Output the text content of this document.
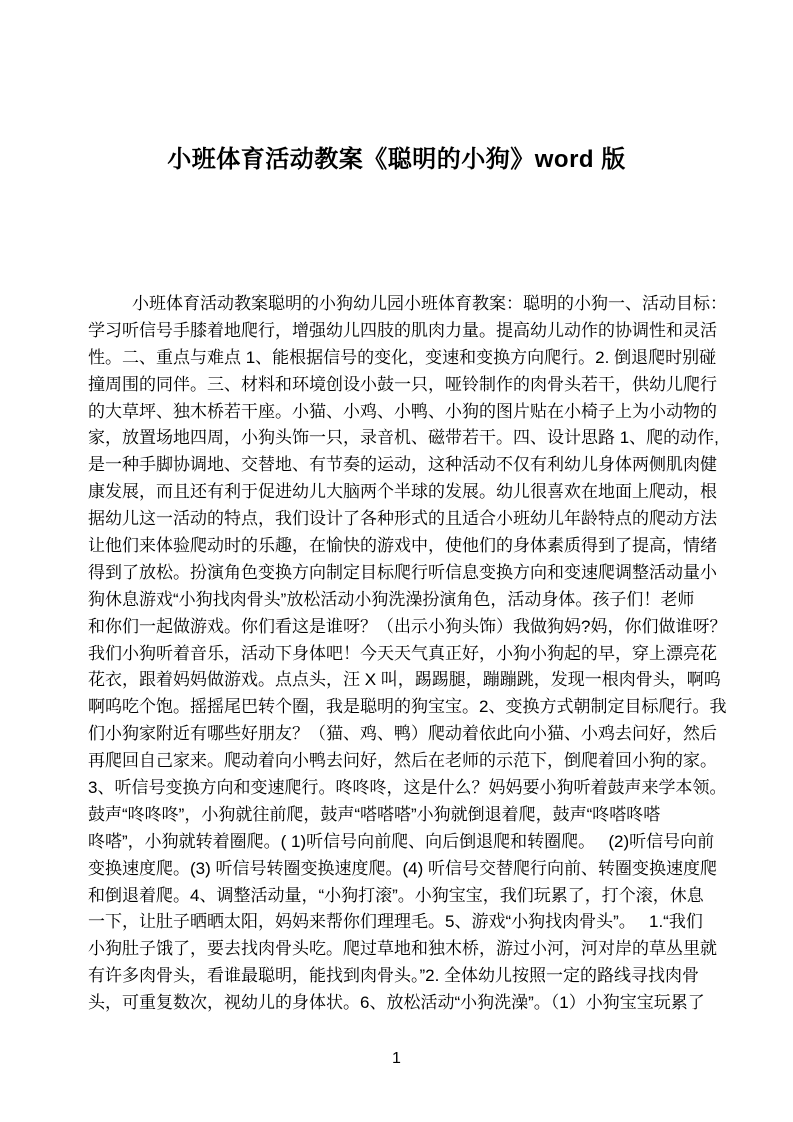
小班体育活动教案《聪明的小狗》word 版
小班体育活动教案聪明的小狗幼儿园小班体育教案：聪明的小狗一、活动目标：
学习听信号手膝着地爬行，增强幼儿四肢的肌肉力量。提高幼儿动作的协调性和灵活
性。二、重点与难点 1、能根据信号的变化，变速和变换方向爬行。2. 倒退爬时别碰
撞周围的同伴。三、材料和环境创设小鼓一只，哑铃制作的肉骨头若干，供幼儿爬行
的大草坪、独木桥若干座。小猫、小鸡、小鸭、小狗的图片贴在小椅子上为小动物的
家，放置场地四周，小狗头饰一只，录音机、磁带若干。四、设计思路 1、爬的动作,
是一种手脚协调地、交替地、有节奏的运动，这种活动不仅有利幼儿身体两侧肌肉健
康发展，而且还有利于促进幼儿大脑两个半球的发展。幼儿很喜欢在地面上爬动，根
据幼儿这一活动的特点，我们设计了各种形式的且适合小班幼儿年龄特点的爬动方法
让他们来体验爬动时的乐趣，在愉快的游戏中，使他们的身体素质得到了提高，情绪
得到了放松。扮演角色变换方向制定目标爬行听信息变换方向和变速爬调整活动量小
狗休息游戏“小狗找肉骨头”放松活动小狗洗澡扮演角色，活动身体。孩子们！老师
和你们一起做游戏。你们看这是谁呀？（出示小狗头饰）我做狗妈?妈，你们做谁呀？
我们小狗听着音乐，活动下身体吧！今天天气真正好，小狗小狗起的早，穿上漂亮花
花衣，跟着妈妈做游戏。点点头，汪 X 叫，踢踢腿，蹦蹦跳，发现一根肉骨头，啊呜
啊呜吃个饱。摇摇尾巴转个圈，我是聪明的狗宝宝。2、变换方式朝制定目标爬行。我
们小狗家附近有哪些好朋友？（猫、鸡、鸭）爬动着依此向小猫、小鸡去问好，然后
再爬回自己家来。爬动着向小鸭去问好，然后在老师的示范下，倒爬着回小狗的家。
3、听信号变换方向和变速爬行。咚咚咚，这是什么？妈妈要小狗听着鼓声来学本领。
鼓声“咚咚咚”，小狗就往前爬，鼓声“嗒嗒嗒”小狗就倒退着爬，鼓声“咚嗒咚嗒
咚嗒”，小狗就转着圈爬。( 1)听信号向前爬、向后倒退爬和转圈爬。　 (2)听信号向前
变换速度爬。(3) 听信号转圈变换速度爬。(4) 听信号交替爬行向前、转圈变换速度爬
和倒退着爬。4、调整活动量，“小狗打滚”。小狗宝宝，我们玩累了，打个滚，休息
一下，让肚子晒晒太阳，妈妈来帮你们理理毛。5、游戏“小狗找肉骨头”。　 1.“我们
小狗肚子饿了，要去找肉骨头吃。爬过草地和独木桥，游过小河，河对岸的草丛里就
有许多肉骨头，看谁最聪明，能找到肉骨头。”2. 全体幼儿按照一定的路线寻找肉骨
头，可重复数次，视幼儿的身体状。6、放松活动“小狗洗澡”。（1）小狗宝宝玩累了
1
